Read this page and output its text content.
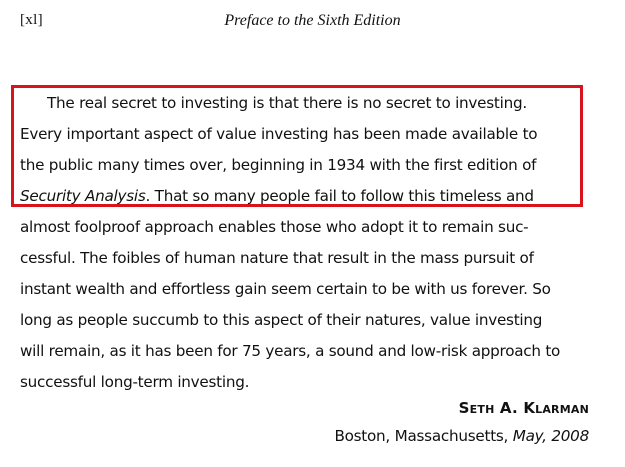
[xl]	Preface to the Sixth Edition
The real secret to investing is that there is no secret to investing.
Every important aspect of value investing has been made available to
the public many times over, beginning in 1934 with the first edition of
Security Analysis. That so many people fail to follow this timeless and
almost foolproof approach enables those who adopt it to remain suc-
cessful. The foibles of human nature that result in the mass pursuit of
instant wealth and effortless gain seem certain to be with us forever. So
long as people succumb to this aspect of their natures, value investing
will remain, as it has been for 75 years, a sound and low-risk approach to
successful long-term investing.
Seth A. Klarman
Boston, Massachusetts, May, 2008
